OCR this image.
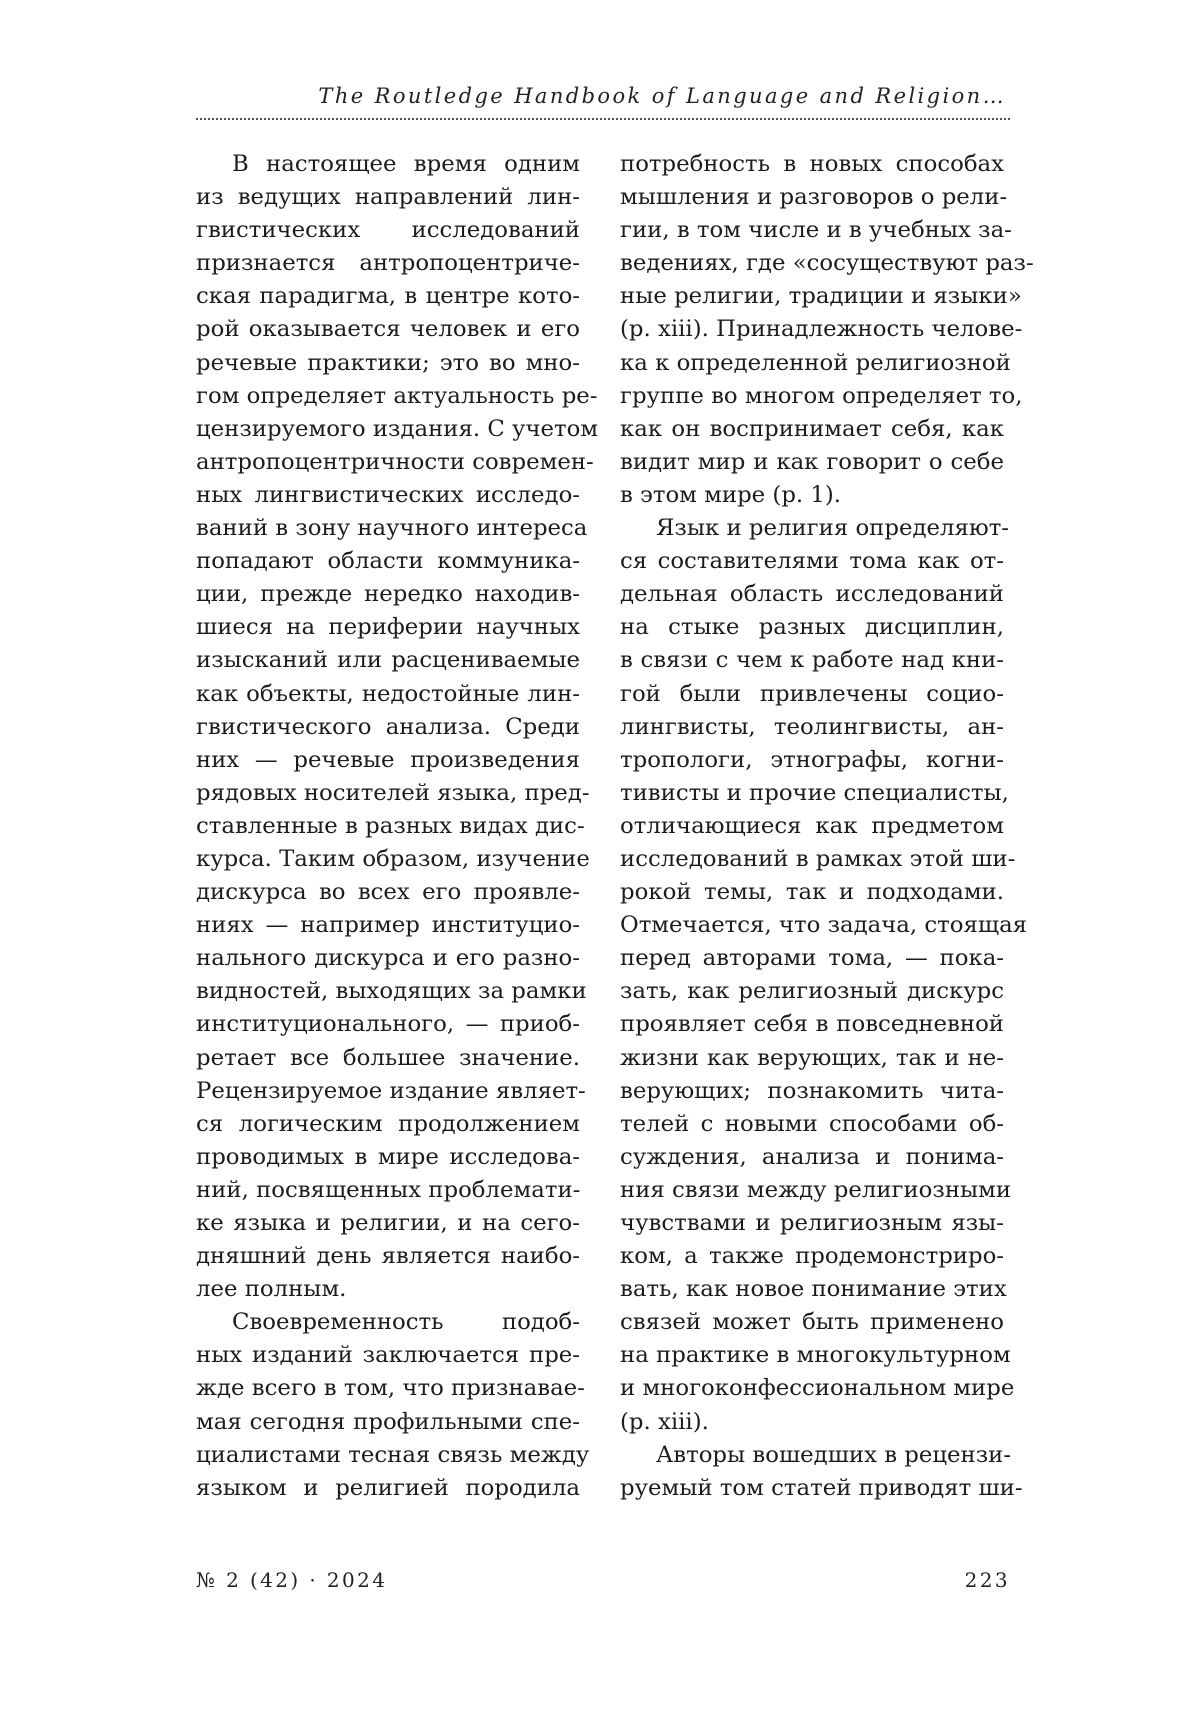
The Routledge Handbook of Language and Religion…
В настоящее время одним
из ведущих направлений лин-
гвистических исследований
признается антропоцентриче-
ская парадигма, в центре кото-
рой оказывается человек и его
речевые практики; это во мно-
гом определяет актуальность ре-
цензируемого издания. С учетом
антропоцентричности современ-
ных лингвистических исследо-
ваний в зону научного интереса
попадают области коммуника-
ции, прежде нередко находив-
шиеся на периферии научных
изысканий или расцениваемые
как объекты, недостойные лин-
гвистического анализа. Среди
них — речевые произведения
рядовых носителей языка, пред-
ставленные в разных видах дис-
курса. Таким образом, изучение
дискурса во всех его проявле-
ниях — например институцио-
нального дискурса и его разно-
видностей, выходящих за рамки
институционального, — приоб-
ретает все большее значение.
Рецензируемое издание являет-
ся логическим продолжением
проводимых в мире исследова-
ний, посвященных проблемати-
ке языка и религии, и на сего-
дняшний день является наибо-
лее полным.
Своевременность подоб-
ных изданий заключается пре-
жде всего в том, что признавае-
мая сегодня профильными спе-
циалистами тесная связь между
языком и религией породила
потребность в новых способах
мышления и разговоров о рели-
гии, в том числе и в учебных за-
ведениях, где «сосуществуют раз-
ные религии, традиции и языки»
(p. xiii). Принадлежность челове-
ка к определенной религиозной
группе во многом определяет то,
как он воспринимает себя, как
видит мир и как говорит о себе
в этом мире (p. 1).
Язык и религия определяют-
ся составителями тома как от-
дельная область исследований
на стыке разных дисциплин,
в связи с чем к работе над кни-
гой были привлечены социо-
лингвисты, теолингвисты, ан-
тропологи, этнографы, когни-
тивисты и прочие специалисты,
отличающиеся как предметом
исследований в рамках этой ши-
рокой темы, так и подходами.
Отмечается, что задача, стоящая
перед авторами тома, — пока-
зать, как религиозный дискурс
проявляет себя в повседневной
жизни как верующих, так и не-
верующих; познакомить чита-
телей с новыми способами об-
суждения, анализа и понима-
ния связи между религиозными
чувствами и религиозным язы-
ком, а также продемонстриро-
вать, как новое понимание этих
связей может быть применено
на практике в многокультурном
и многоконфессиональном мире
(p. xiii).
Авторы вошедших в рецензи-
руемый том статей приводят ши-
№ 2 (42) · 2024	223
